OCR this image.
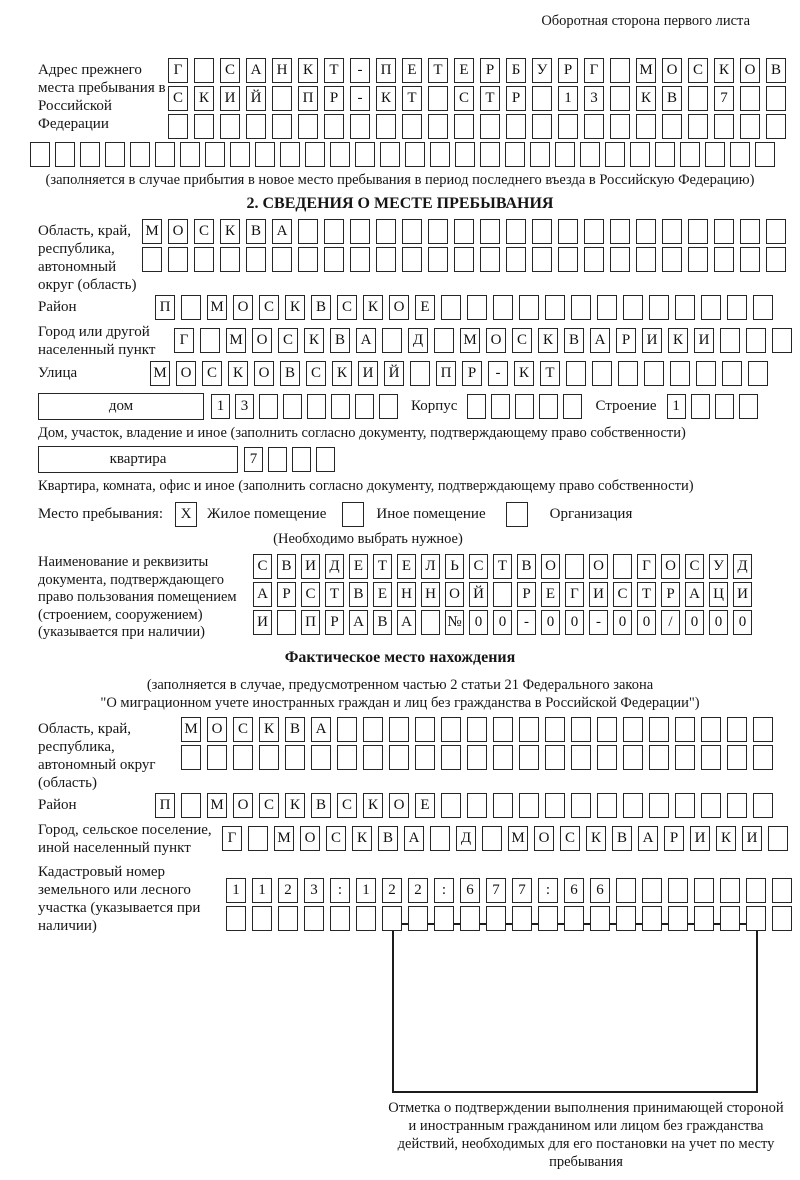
Оборотная сторона первого листа
Адрес прежнего места пребывания в Российской Федерации
Г	С	А	Н	К	Т	-	П	Е	Т	Е	Р	Б	У	Р	Г	М О	С	К	О	В
С	К	И	Й	П	Р	-	К	Т	С	Т	Р	1	3	К	В	7
(заполняется в случае прибытия в новое место пребывания в период последнего въезда в Российскую Федерацию)
2. СВЕДЕНИЯ О МЕСТЕ ПРЕБЫВАНИЯ
Область, край, республика, автономный округ (область)
М О	С	К	В	А
Район	П	М О	С	К	В	С	К	О	Е
Город или другой населенный пункт
Г	М О	С	К	В	А	Д	М О	С	К	В	А	Р	И	К	И
Улица	М О	С	К	О	В	С	К	И	Й	П	Р	-	К	Т
дом	1	3	Корпус	Строение	1
Дом, участок, владение и иное (заполнить согласно документу, подтверждающему право собственности)
квартира	7
Квартира, комната, офис и иное (заполнить согласно документу, подтверждающему право собственности)
Место пребывания:	X	Жилое помещение	Иное помещение	Организация
(Необходимо выбрать нужное)
Наименование и реквизиты документа, подтверждающего право пользования помещением (строением, сооружением) (указывается при наличии)
С В И Д Е Т Е Л Ь С Т В О О	Г О С У Д
А Р С Т В Е Н Н О Й	Р	Е	Г И С Т	Р А Ц И
И П Р А В А № 0	0	-	0	0	-	0	0	/	0	0	0
Фактическое место нахождения
(заполняется в случае, предусмотренном частью 2 статьи 21 Федерального закона
"О миграционном учете иностранных граждан и лиц без гражданства в Российской Федерации")
Область, край, республика, автономный округ (область)
М О	С	К	В	А
Район	П	М О	С	К	В	С	К	О	Е
Город, сельское поселение, иной населенный пункт
Г	М О	С	К	В	А	Д	М О	С	К	В	А	Р	И	К	И
Кадастровый номер земельного или лесного участка (указывается при наличии)
1	1	2	3	:	1	2	2	:	6	7	7	:	6	6
Отметка о подтверждении выполнения принимающей стороной и иностранным гражданином или лицом без гражданства действий, необходимых для его постановки на учет по месту пребывания
